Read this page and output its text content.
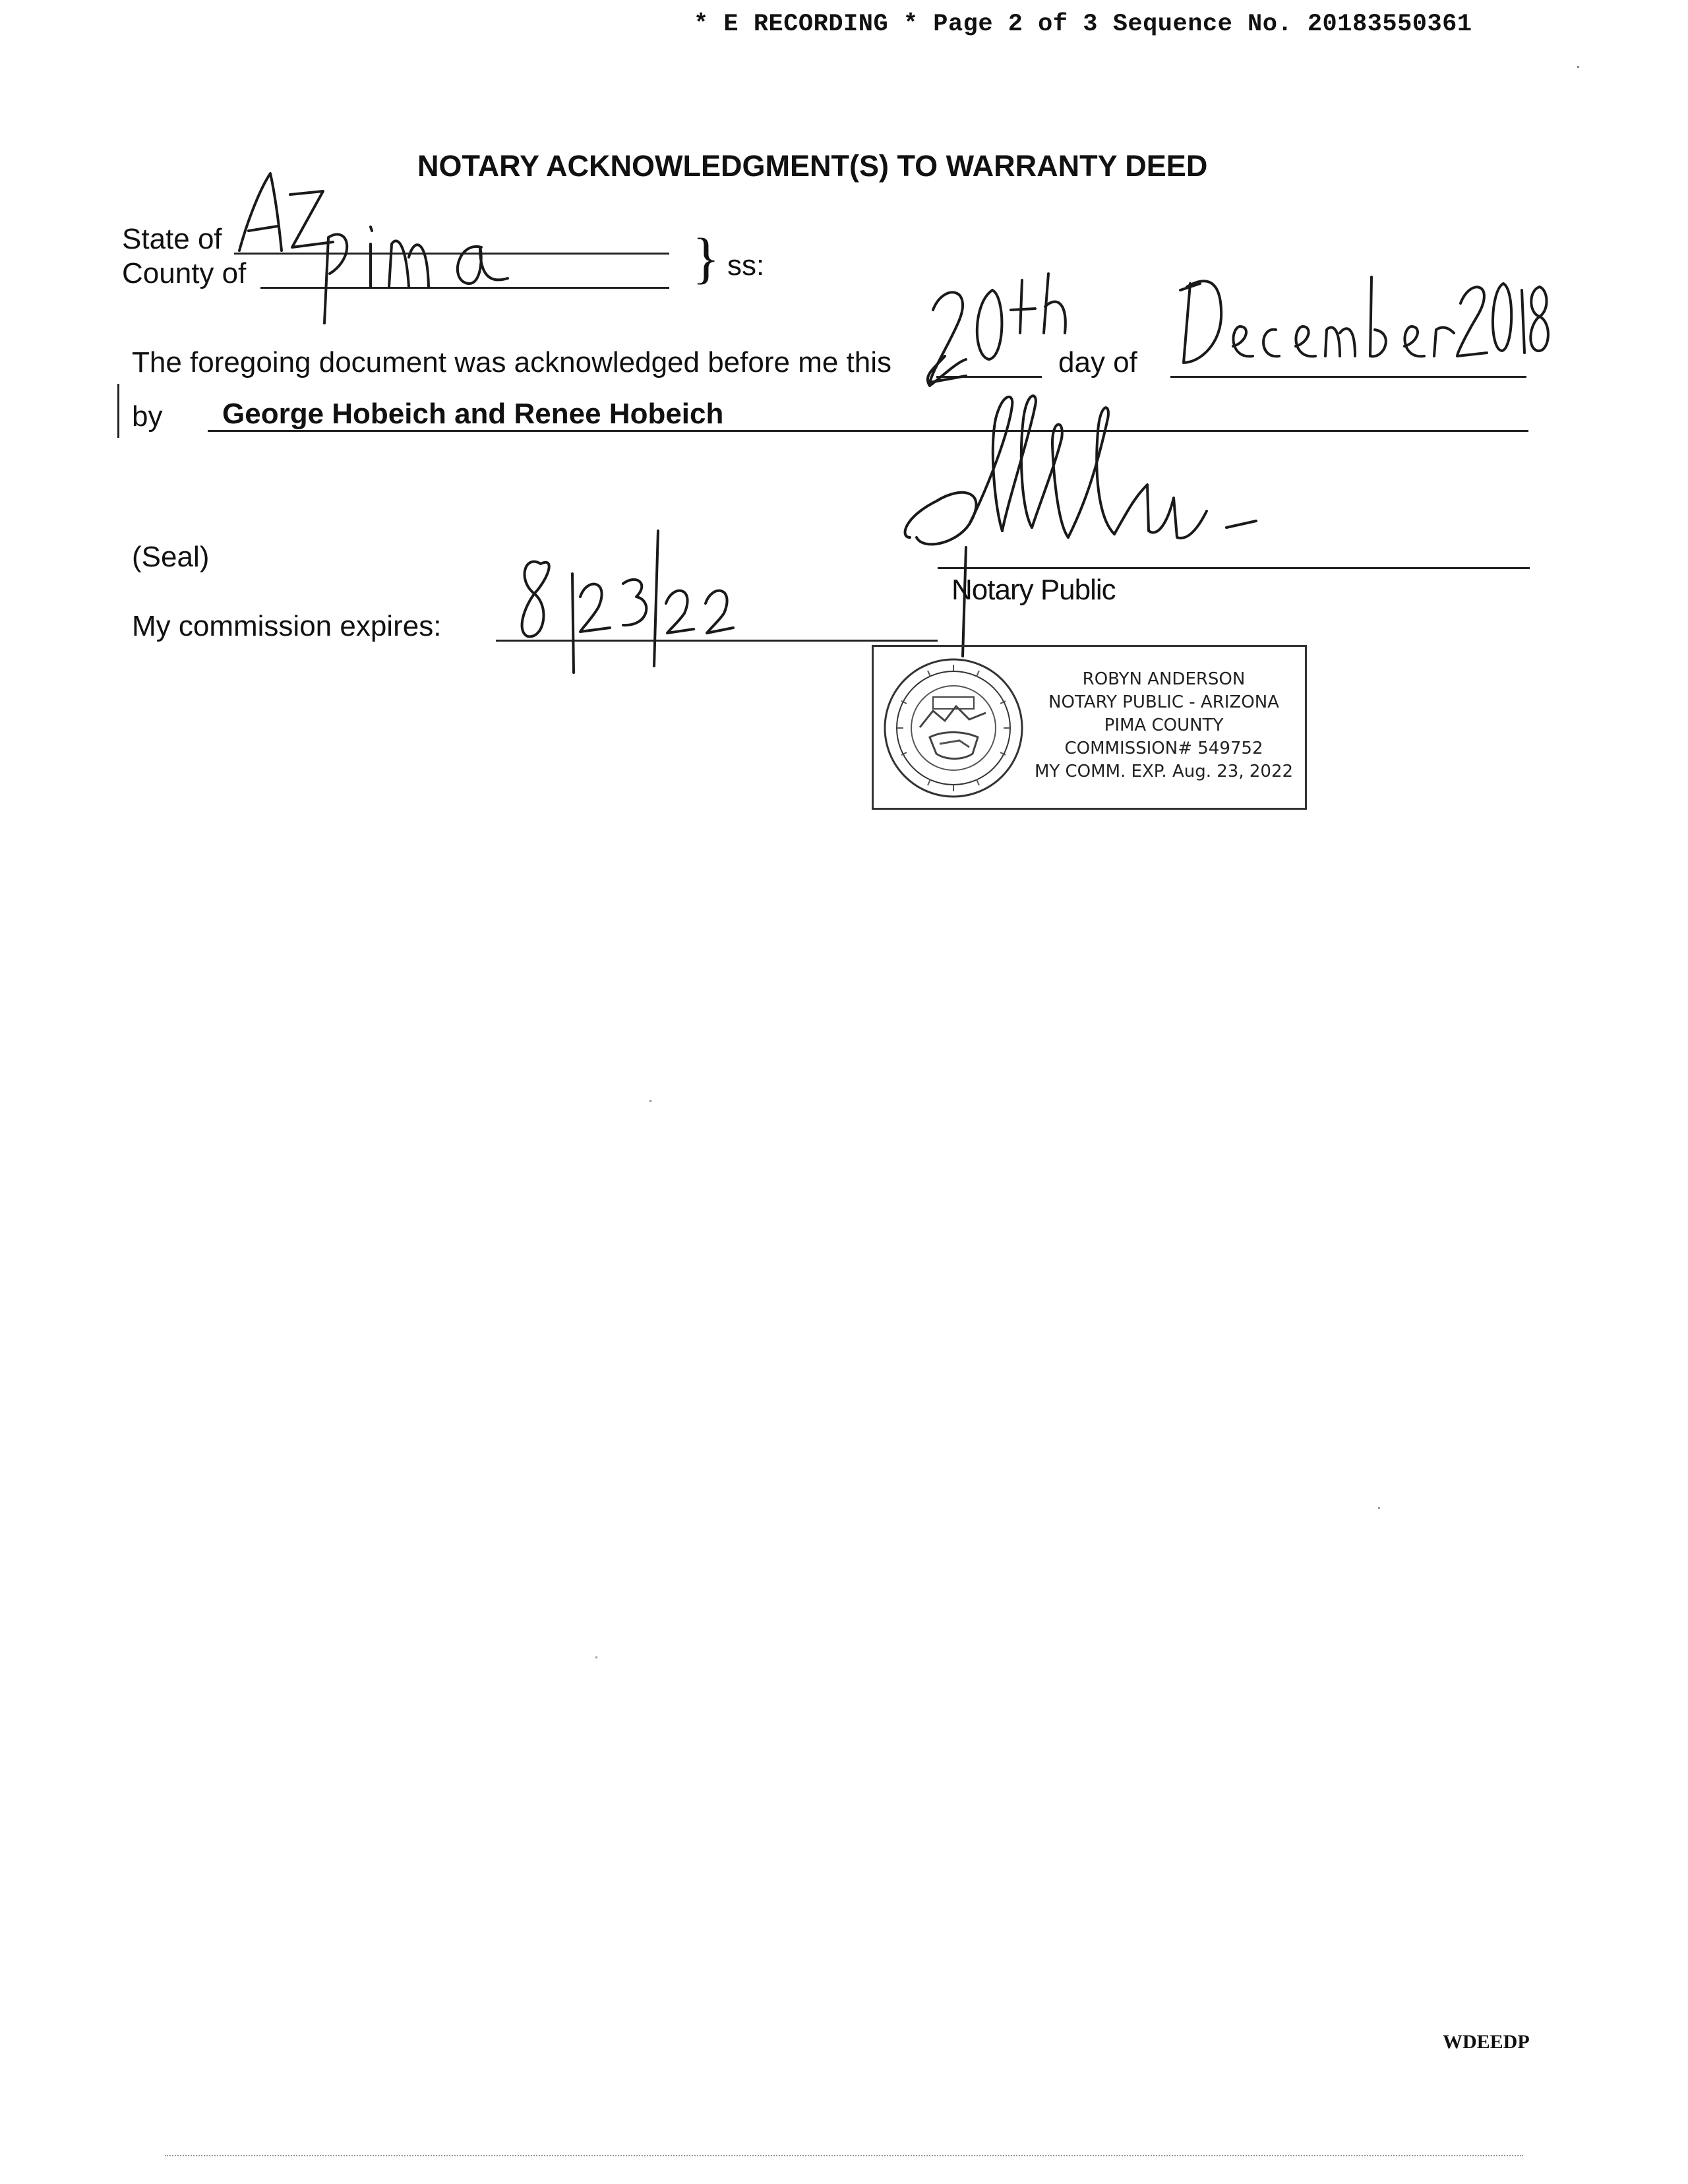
* E RECORDING * Page 2 of 3 Sequence No. 20183550361
NOTARY ACKNOWLEDGMENT(S) TO WARRANTY DEED
State of
County of	} ss:
The foregoing document was acknowledged before me this	day of
by George Hobeich and Renee Hobeich
(Seal)
My commission expires:
Notary Public
ROBYN ANDERSON
NOTARY PUBLIC - ARIZONA
PIMA COUNTY
COMMISSION# 549752
MY COMM. EXP. Aug. 23, 2022
WDEEDP
